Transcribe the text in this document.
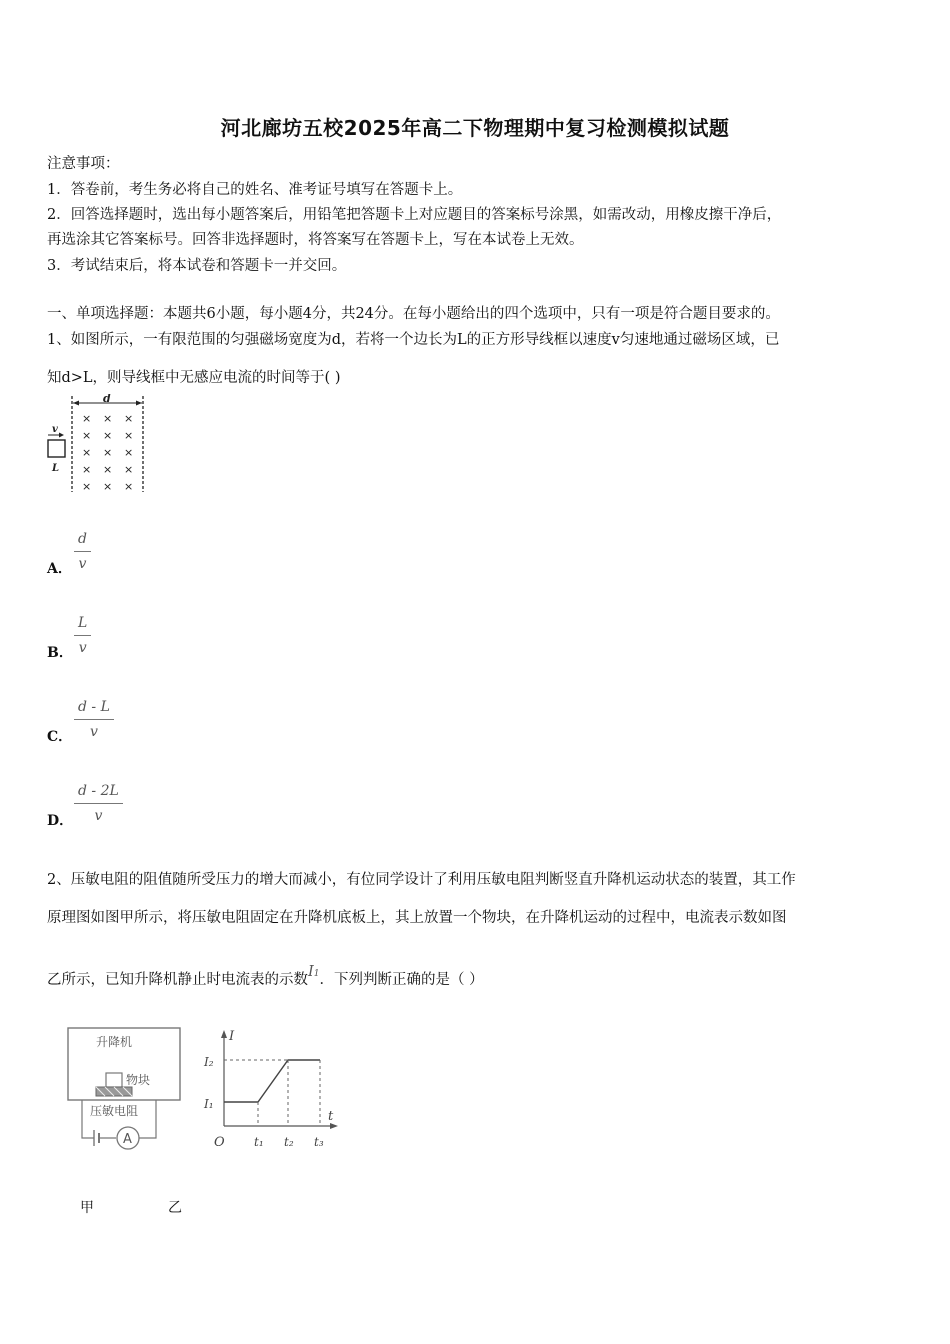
河北廊坊五校2025年高二下物理期中复习检测模拟试题
注意事项：
1．答卷前，考生务必将自己的姓名、准考证号填写在答题卡上。
2．回答选择题时，选出每小题答案后，用铅笔把答题卡上对应题目的答案标号涂黑，如需改动，用橡皮擦干净后，
再选涂其它答案标号。回答非选择题时，将答案写在答题卡上，写在本试卷上无效。
3．考试结束后，将本试卷和答题卡一并交回。
一、单项选择题：本题共6小题，每小题4分，共24分。在每小题给出的四个选项中，只有一项是符合题目要求的。
1、如图所示，一有限范围的匀强磁场宽度为d，若将一个边长为L的正方形导线框以速度v匀速地通过磁场区域，已
知d>L，则导线框中无感应电流的时间等于( )
d
× × ×
× × ×
× × ×
× × ×
× × ×
v
L
A． $\frac{d}{v}$
B． $\frac{L}{v}$
C． $\frac{d - L}{v}$
D． $\frac{d - 2L}{v}$
2、压敏电阻的阻值随所受压力的增大而减小，有位同学设计了利用压敏电阻判断竖直升降机运动状态的装置，其工作
原理图如图甲所示，将压敏电阻固定在升降机底板上，其上放置一个物块，在升降机运动的过程中，电流表示数如图
乙所示，已知升降机静止时电流表的示数I1．下列判断正确的是（ ）
升降机
物块
压敏电阻
A
I
t
O
I₁
I₂
t₁ t₂ t₃
甲	乙
